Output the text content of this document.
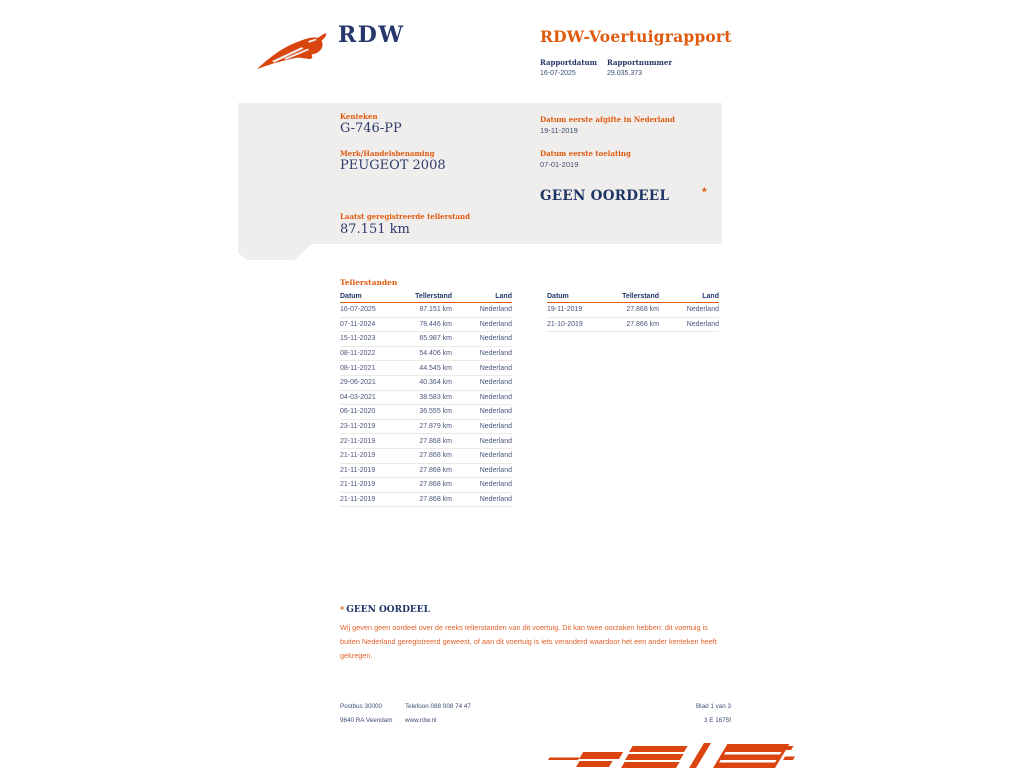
RDW	RDW-Voertuigrapport
Rapportdatum Rapportnummer
16-07-2025	29.035.373
Kenteken
G-746-PP
Merk/Handelsbenaming
PEUGEOT 2008
Laatst geregistreerde tellerstand
87.151 km
Datum eerste afgifte in Nederland
19-11-2019
Datum eerste toelating
07-01-2019
GEEN OORDEEL	*
Tellerstanden
Datum	Tellerstand	Land
16-07-2025	87.151 km	Nederland
07-11-2024	78.446 km	Nederland
15-11-2023	65.987 km	Nederland
08-11-2022	54.406 km	Nederland
08-11-2021	44.545 km	Nederland
29-06-2021	40.364 km	Nederland
04-03-2021	38.583 km	Nederland
06-11-2020	36.555 km	Nederland
23-11-2019	27.879 km	Nederland
22-11-2019	27.868 km	Nederland
21-11-2019	27.868 km	Nederland
21-11-2019	27.868 km	Nederland
21-11-2019	27.868 km	Nederland
21-11-2019	27.868 km	Nederland
Datum	Tellerstand	Land
19-11-2019	27.868 km	Nederland
21-10-2019	27.866 km	Nederland
* GEEN OORDEEL
Wij geven geen oordeel over de reeks tellerstanden van dit voertuig. Dit kan twee oorzaken hebben: dit voertuig is buiten Nederland geregistreerd geweest, of aan dit voertuig is iets veranderd waardoor het een ander kenteken heeft gekregen.
Postbus 30000
9640 RA Veendam
Telefoon 088 008 74 47
www.rdw.nl
Blad 1 van 3
3 E 1675f
